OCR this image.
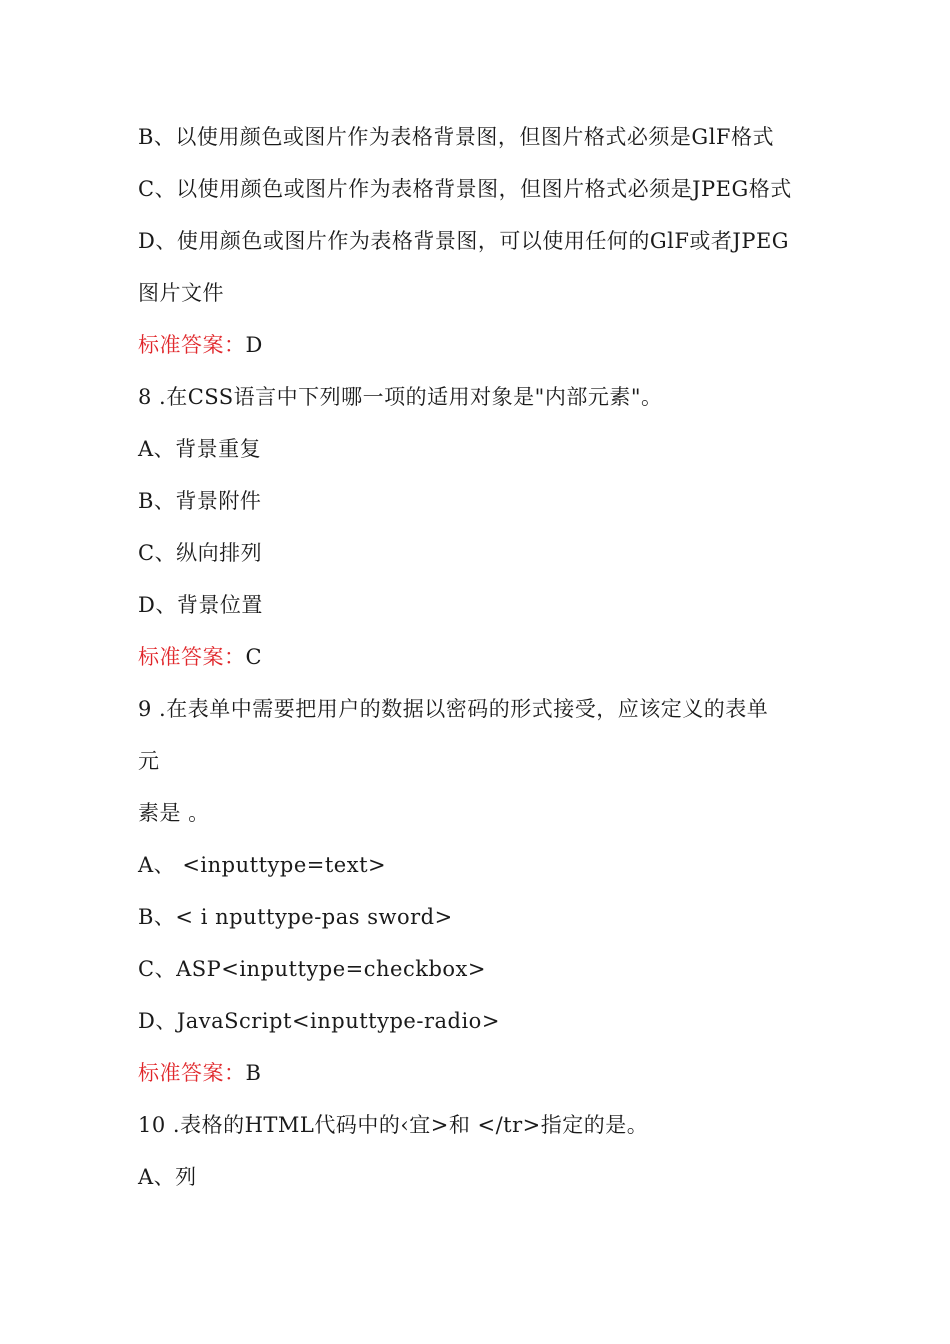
B、以使用颜色或图片作为表格背景图，但图片格式必须是GlF格式
C、以使用颜色或图片作为表格背景图，但图片格式必须是JPEG格式
D、使用颜色或图片作为表格背景图，可以使用任何的GlF或者JPEG
图片文件
标准答案：D
8 .在CSS语言中下列哪一项的适用对象是"内部元素"。
A、背景重复
B、背景附件
C、纵向排列
D、背景位置
标准答案：C
9 .在表单中需要把用户的数据以密码的形式接受，应该定义的表单
元
素是 。
A、 <inputtype=text>
B、< i nputtype-pas sword>
C、ASP<inputtype=checkbox>
D、JavaScript<inputtype-radio>
标准答案：B
10 .表格的HTML代码中的‹宜>和 </tr>指定的是。
A、列
